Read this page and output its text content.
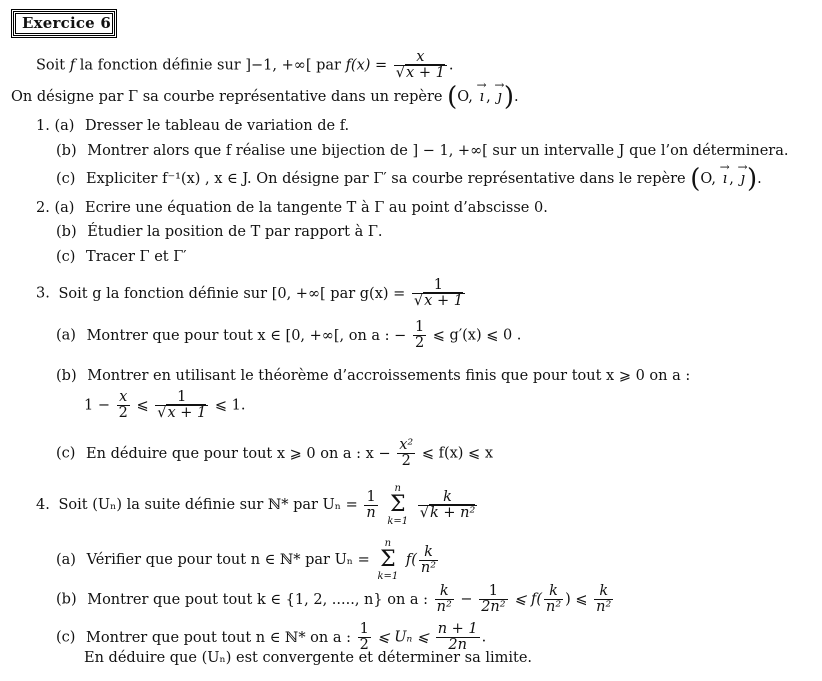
Exercice 6
Soit f la fonction définie sur ]−1, +∞[ par $f(x) = \frac{x}{√x + 1}$ .
On désigne par Γ sa courbe représentative dans un repère (O, → ı , → ȷ).
1. (a) Dresser le tableau de variation de f.
(b) Montrer alors que f réalise une bijection de ] − 1, +∞[ sur un intervalle J que l’on déterminera.
(c) Expliciter f⁻¹(x) , x ∈ J. On désigne par Γ′ sa courbe représentative dans le repère (O, → ı , → ȷ).
2. (a) Ecrire une équation de la tangente T à Γ au point d’abscisse 0.
(b) Étudier la position de T par rapport à Γ.
(c) Tracer Γ et Γ′
3. Soit g la fonction définie sur [0, +∞[ par $g(x) = \frac{1}{√x + 1}$
(a) Montrer que pour tout x ∈ [0, +∞[, on a : − $\frac{1}{2}$ ⩽ g′(x) ⩽ 0 .
(b) Montrer en utilisant le théorème d’accroissements finis que pour tout x ⩾ 0 on a :
$1 - \frac{x}{2}$ ⩽ $\frac{1}{√x + 1}$ ⩽ 1.
(c) En déduire que pour tout x ⩾ 0 on a : $x - \frac{\text{x²}}{2}$ ⩽ f(x) ⩽ x
4. Soit (Uₙ) la suite définie sur ℕ* par $U_n = \frac{1}{n}$

n
Σ
k=1

$\frac{k}{\text{√k + n²}}$
(a) Vérifier que pour tout n ∈ ℕ* par Uₙ =
n
Σ
k=1
$f( \frac{k}{\text{n²}}$
(b) Montrer que pout tout k ∈ {1, 2, ....., n} on a : $\frac{k}{\text{n²}} - \frac{1}{\text{2n²}}$ ⩽ $f( \frac{k}{\text{n²}}$ ) ⩽ $\frac{k}{\text{n²}}$
(c) Montrer que pout tout n ∈ ℕ* on a : $\frac{1}{2}$ ⩽ Uₙ ⩽ $\frac{n + 1}{2n}$ .
En déduire que (Uₙ) est convergente et déterminer sa limite.
